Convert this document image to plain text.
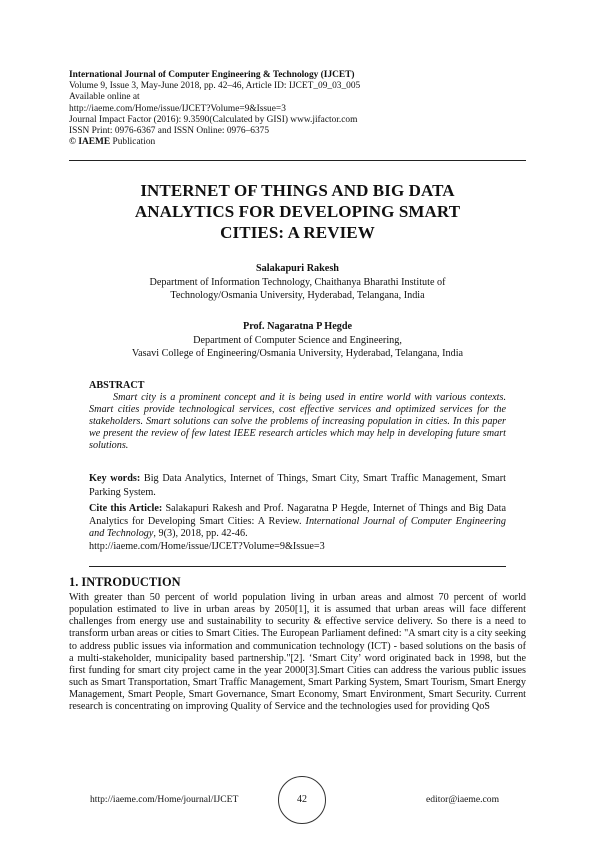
International Journal of Computer Engineering & Technology (IJCET)
Volume 9, Issue 3, May-June 2018, pp. 42–46, Article ID: IJCET_09_03_005
Available online at
http://iaeme.com/Home/issue/IJCET?Volume=9&Issue=3
Journal Impact Factor (2016): 9.3590(Calculated by GISI) www.jifactor.com
ISSN Print: 0976-6367 and ISSN Online: 0976–6375
© IAEME Publication
INTERNET OF THINGS AND BIG DATA
ANALYTICS FOR DEVELOPING SMART
CITIES: A REVIEW
Salakapuri Rakesh
Department of Information Technology, Chaithanya Bharathi Institute of
Technology/Osmania University, Hyderabad, Telangana, India
Prof. Nagaratna P Hegde
Department of Computer Science and Engineering,
Vasavi College of Engineering/Osmania University, Hyderabad, Telangana, India
ABSTRACT
Smart city is a prominent concept and it is being used in entire world with various contexts. Smart cities provide technological services, cost effective services and optimized services for the stakeholders. Smart solutions can solve the problems of increasing population in cities. In this paper we present the review of few latest IEEE research articles which may help in developing future smart solutions.
Key words: Big Data Analytics, Internet of Things, Smart City, Smart Traffic Management, Smart Parking System.
Cite this Article: Salakapuri Rakesh and Prof. Nagaratna P Hegde, Internet of Things and Big Data Analytics for Developing Smart Cities: A Review. International Journal of Computer Engineering and Technology, 9(3), 2018, pp. 42-46.
http://iaeme.com/Home/issue/IJCET?Volume=9&Issue=3
1. INTRODUCTION
With greater than 50 percent of world population living in urban areas and almost 70 percent of world population estimated to live in urban areas by 2050[1], it is assumed that urban areas will face different challenges from energy use and sustainability to security & effective service delivery. So there is a need to transform urban areas or cities to Smart Cities. The European Parliament defined: "A smart city is a city seeking to address public issues via information and communication technology (ICT) - based solutions on the basis of a multi-stakeholder, municipality based partnership."[2]. ‘Smart City’ word originated back in 1998, but the first funding for smart city project came in the year 2000[3].Smart Cities can address the various public issues such as Smart Transportation, Smart Traffic Management, Smart Parking System, Smart Tourism, Smart Energy Management, Smart People, Smart Governance, Smart Economy, Smart Environment, Smart Security. Current research is concentrating on improving Quality of Service and the technologies used for providing QoS
http://iaeme.com/Home/journal/IJCET	42	editor@iaeme.com
